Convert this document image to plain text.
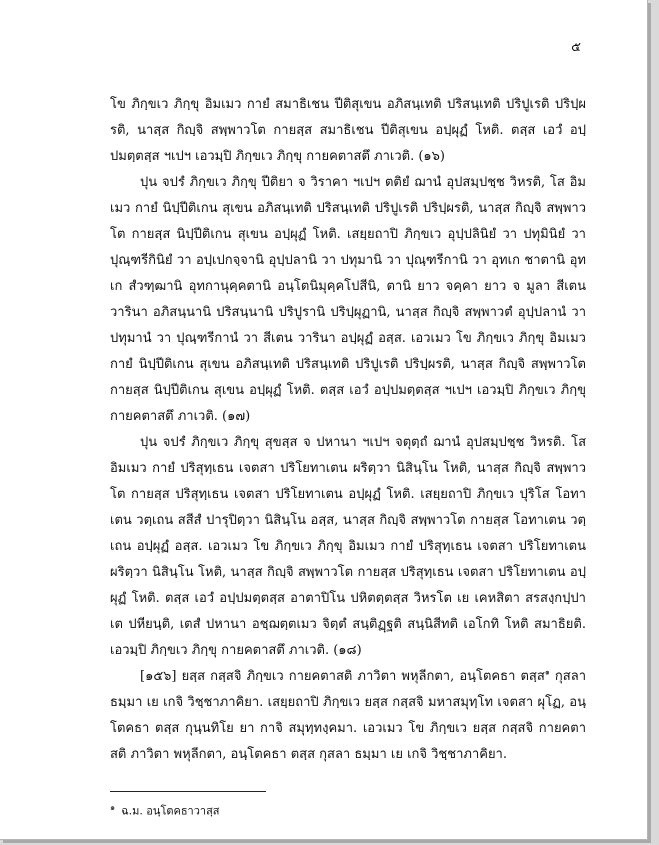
๕

โข ภิกฺขเว ภิกฺขุ อิมเมว กายํ สมาธิเชน ปีติสุเขน อภิสนฺเทติ ปริสนฺเทติ ปริปูเรติ ปริปฺผรติ, นาสฺส กิญฺจิ สพฺพาวโต กายสฺส สมาธิเชน ปีติสุเขน อปฺผุฏํ โหติ. ตสฺส เอวํ อปฺปมตฺตสฺส ฯเปฯ เอวมฺปิ ภิกฺขเว ภิกฺขุ กายคตาสตึ ภาเวติ. (๑๖)

ปุน จปรํ ภิกฺขเว ภิกฺขุ ปีติยา จ วิราคา ฯเปฯ ตติยํ ฌานํ อุปสมฺปชฺช วิหรติ, โส อิมเมว กายํ นิปฺปีติเกน สุเขน อภิสนฺเทติ ปริสนฺเทติ ปริปูเรติ ปริปฺผรติ, นาสฺส กิญฺจิ สพฺพาวโต กายสฺส นิปฺปีติเกน สุเขน อปฺผุฏํ โหติ. เสยฺยถาปิ ภิกฺขเว อุปฺปลินิยํ วา ปทุมินิยํ วา ปุณฺฑรีกินิยํ วา อปฺเปกจฺจานิ อุปฺปลานิ วา ปทุมานิ วา ปุณฺฑรีกานิ วา อุทเก ชาตานิ อุทเก สํวฑฺฒานิ อุทกานุคฺคตานิ อนฺโตนิมุคฺคโปสีนิ, ตานิ ยาว จคฺคา ยาว จ มูลา สีเตน วารินา อภิสนฺนานิ ปริสนฺนานิ ปริปูรานิ ปริปฺผุฏานิ, นาสฺส กิญฺจิ สพฺพาวตํ อุปฺปลานํ วา ปทุมานํ วา ปุณฺฑรีกานํ วา สีเตน วารินา อปฺผุฏํ อสฺส. เอวเมว โข ภิกฺขเว ภิกฺขุ อิมเมว กายํ นิปฺปีติเกน สุเขน อภิสนฺเทติ ปริสนฺเทติ ปริปูเรติ ปริปฺผรติ, นาสฺส กิญฺจิ สพฺพาวโต กายสฺส นิปฺปีติเกน สุเขน อปฺผุฏํ โหติ. ตสฺส เอวํ อปฺปมตฺตสฺส ฯเปฯ เอวมฺปิ ภิกฺขเว ภิกฺขุ กายคตาสตึ ภาเวติ. (๑๗)

ปุน จปรํ ภิกฺขเว ภิกฺขุ สุขสฺส จ ปหานา ฯเปฯ จตุตฺถํ ฌานํ อุปสมฺปชฺช วิหรติ. โส อิมเมว กายํ ปริสุทฺเธน เจตสา ปริโยทาเตน ผริตฺวา นิสินฺโน โหติ, นาสฺส กิญฺจิ สพฺพาวโต กายสฺส ปริสุทฺเธน เจตสา ปริโยทาเตน อปฺผุฏํ โหติ. เสยฺยถาปิ ภิกฺขเว ปุริโส โอทาเตน วตฺเถน สสีสํ ปารุปิตฺวา นิสินฺโน อสฺส, นาสฺส กิญฺจิ สพฺพาวโต กายสฺส โอทาเตน วตฺเถน อปฺผุฏํ อสฺส. เอวเมว โข ภิกฺขเว ภิกฺขุ อิมเมว กายํ ปริสุทฺเธน เจตสา ปริโยทาเตน ผริตฺวา นิสินฺโน โหติ, นาสฺส กิญฺจิ สพฺพาวโต กายสฺส ปริสุทฺเธน เจตสา ปริโยทาเตน อปฺผุฏํ โหติ. ตสฺส เอวํ อปฺปมตฺตสฺส อาตาปิโน ปหิตตฺตสฺส วิหรโต เย เคหสิตา สรสงฺกปฺปา เต ปหียนฺติ, เตสํ ปหานา อชฺฌตฺตเมว จิตฺตํ สนฺติฏฺฐติ สนฺนิสีทติ เอโกทิ โหติ สมาธิยติ. เอวมฺปิ ภิกฺขเว ภิกฺขุ กายคตาสตึ ภาเวติ. (๑๘)

[๑๕๖] ยสฺส กสฺสจิ ภิกฺขเว กายคตาสติ ภาวิตา พหุลีกตา, อนฺโตคธา ตสฺส$^๑$ กุสลา ธมฺมา เย เกจิ วิชฺชาภาคิยา. เสยฺยถาปิ ภิกฺขเว ยสฺส กสฺสจิ มหาสมุทฺโท เจตสา ผุโฏ, อนฺโตคธา ตสฺส กุนฺนทิโย ยา กาจิ สมุทฺทงฺคมา. เอวเมว โข ภิกฺขเว ยสฺส กสฺสจิ กายคตา สติ ภาวิตา พหุลีกตา, อนฺโตคธา ตสฺส กุสลา ธมฺมา เย เกจิ วิชฺชาภาคิยา.

$^๑$ ฉ.ม. อนฺโตคธาวาสฺส
